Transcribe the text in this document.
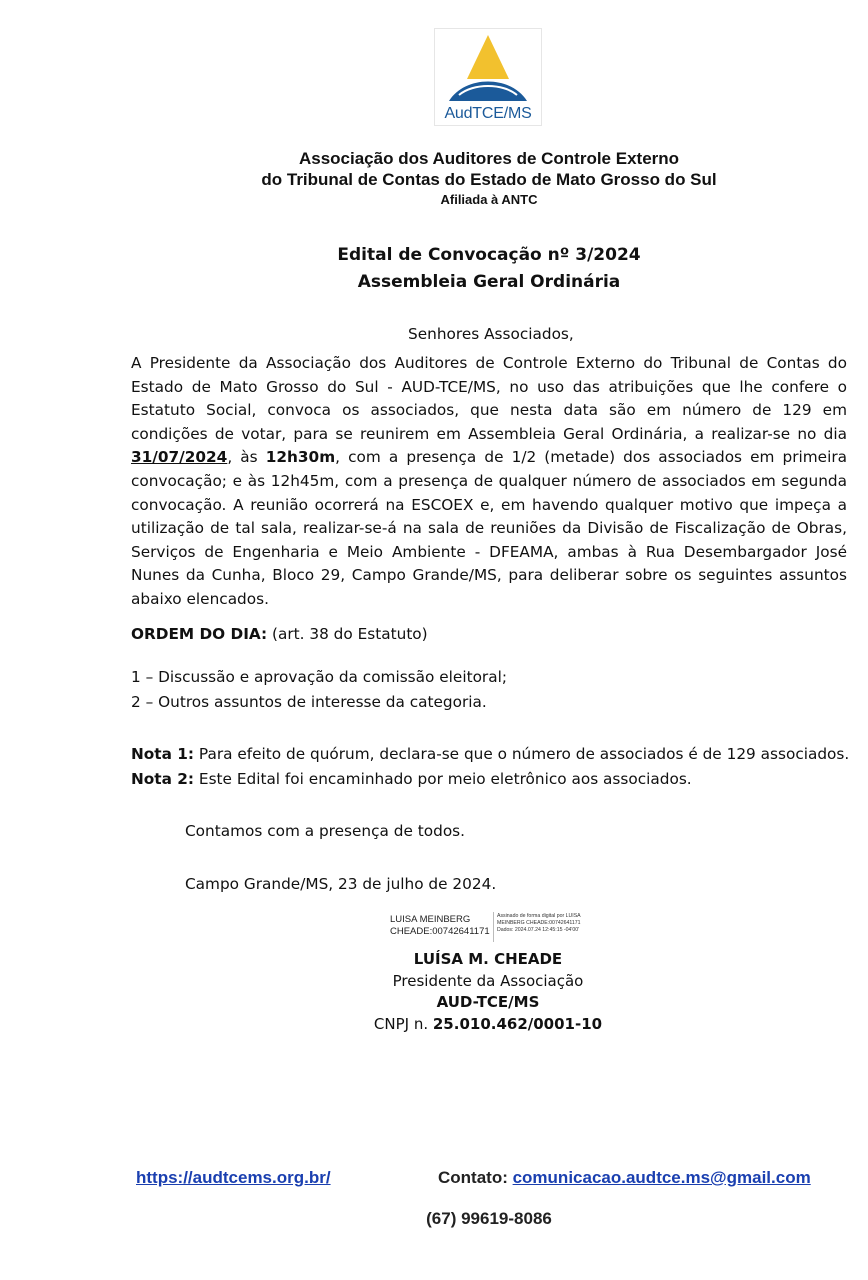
AudTCE/MS
Associação dos Auditores de Controle Externo
do Tribunal de Contas do Estado de Mato Grosso do Sul
Afiliada à ANTC
Edital de Convocação nº 3/2024
Assembleia Geral Ordinária
Senhores Associados,
A Presidente da Associação dos Auditores de Controle Externo do Tribunal de Contas do Estado de Mato Grosso do Sul - AUD-TCE/MS, no uso das atribuições que lhe confere o Estatuto Social, convoca os associados, que nesta data são em número de 129 em condições de votar, para se reunirem em Assembleia Geral Ordinária, a realizar-se no dia 31/07/2024, às 12h30m, com a presença de 1/2 (metade) dos associados em primeira convocação; e às 12h45m, com a presença de qualquer número de associados em segunda convocação. A reunião ocorrerá na ESCOEX e, em havendo qualquer motivo que impeça a utilização de tal sala, realizar-se-á na sala de reuniões da Divisão de Fiscalização de Obras, Serviços de Engenharia e Meio Ambiente - DFEAMA, ambas à Rua Desembargador José Nunes da Cunha, Bloco 29, Campo Grande/MS, para deliberar sobre os seguintes assuntos abaixo elencados.
ORDEM DO DIA: (art. 38 do Estatuto)
1 – Discussão e aprovação da comissão eleitoral;
2 – Outros assuntos de interesse da categoria.
Nota 1: Para efeito de quórum, declara-se que o número de associados é de 129 associados.
Nota 2: Este Edital foi encaminhado por meio eletrônico aos associados.
Contamos com a presença de todos.
Campo Grande/MS, 23 de julho de 2024.
LUISA MEINBERG
CHEADE:00742641171
Assinado de forma digital por LUISA
MEINBERG CHEADE:00742641171
Dados: 2024.07.24 12:45:15 -04'00'
LUÍSA M. CHEADE
Presidente da Associação
AUD-TCE/MS
CNPJ n. 25.010.462/0001-10
https://audtcems.org.br/	Contato: comunicacao.audtce.ms@gmail.com
(67) 99619-8086
